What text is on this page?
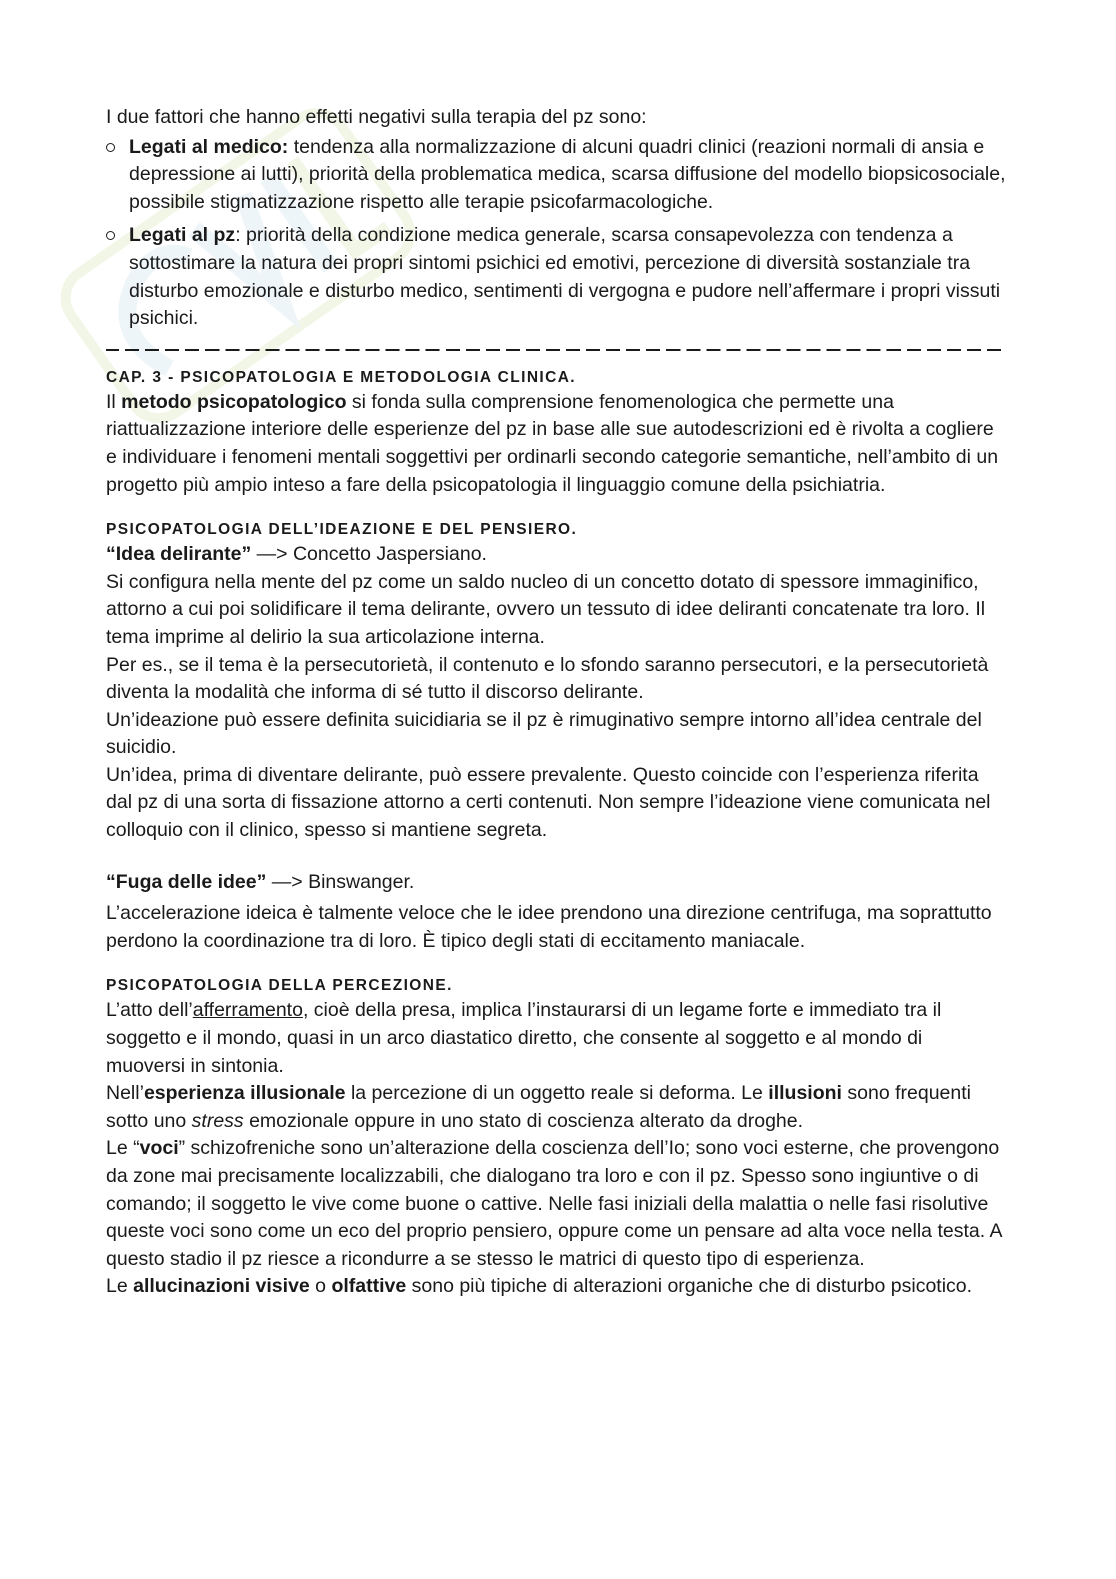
I due fattori che hanno effetti negativi sulla terapia del pz sono:

Legati al medico: tendenza alla normalizzazione di alcuni quadri clinici (reazioni normali di ansia e depressione ai lutti), priorità della problematica medica, scarsa diffusione del modello biopsicosociale, possibile stigmatizzazione rispetto alle terapie psicofarmacologiche.
Legati al pz: priorità della condizione medica generale, scarsa consapevolezza con tendenza a sottostimare la natura dei propri sintomi psichici ed emotivi, percezione di diversità sostanziale tra disturbo emozionale e disturbo medico, sentimenti di vergogna e pudore nell’affermare i propri vissuti psichici.
CAP. 3 - PSICOPATOLOGIA E METODOLOGIA CLINICA.

Il metodo psicopatologico si fonda sulla comprensione fenomenologica che permette una riattualizzazione interiore delle esperienze del pz in base alle sue autodescrizioni ed è rivolta a cogliere e individuare i fenomeni mentali soggettivi per ordinarli secondo categorie semantiche, nell’ambito di un progetto più ampio inteso a fare della psicopatologia il linguaggio comune della psichiatria.

PSICOPATOLOGIA DELL’IDEAZIONE E DEL PENSIERO.

“Idea delirante” —> Concetto Jaspersiano.

Si configura nella mente del pz come un saldo nucleo di un concetto dotato di spessore immaginifico, attorno a cui poi solidificare il tema delirante, ovvero un tessuto di idee deliranti concatenate tra loro. Il tema imprime al delirio la sua articolazione interna.

Per es., se il tema è la persecutorietà, il contenuto e lo sfondo saranno persecutori, e la persecutorietà diventa la modalità che informa di sé tutto il discorso delirante.

Un’ideazione può essere definita suicidiaria se il pz è rimuginativo sempre intorno all’idea centrale del suicidio.

Un’idea, prima di diventare delirante, può essere prevalente. Questo coincide con l’esperienza riferita dal pz di una sorta di fissazione attorno a certi contenuti. Non sempre l’ideazione viene comunicata nel colloquio con il clinico, spesso si mantiene segreta.

“Fuga delle idee” —> Binswanger.

L’accelerazione ideica è talmente veloce che le idee prendono una direzione centrifuga, ma soprattutto perdono la coordinazione tra di loro. È tipico degli stati di eccitamento maniacale.

PSICOPATOLOGIA DELLA PERCEZIONE.

L’atto dell’afferramento, cioè della presa, implica l’instaurarsi di un legame forte e immediato tra il soggetto e il mondo, quasi in un arco diastatico diretto, che consente al soggetto e al mondo di muoversi in sintonia.

Nell’esperienza illusionale la percezione di un oggetto reale si deforma. Le illusioni sono frequenti sotto uno stress emozionale oppure in uno stato di coscienza alterato da droghe.

Le “voci” schizofreniche sono un’alterazione della coscienza dell’Io; sono voci esterne, che provengono da zone mai precisamente localizzabili, che dialogano tra loro e con il pz. Spesso sono ingiuntive o di comando; il soggetto le vive come buone o cattive. Nelle fasi iniziali della malattia o nelle fasi risolutive queste voci sono come un eco del proprio pensiero, oppure come un pensare ad alta voce nella testa. A questo stadio il pz riesce a ricondurre a se stesso le matrici di questo tipo di esperienza.

Le allucinazioni visive o olfattive sono più tipiche di alterazioni organiche che di disturbo psicotico.
